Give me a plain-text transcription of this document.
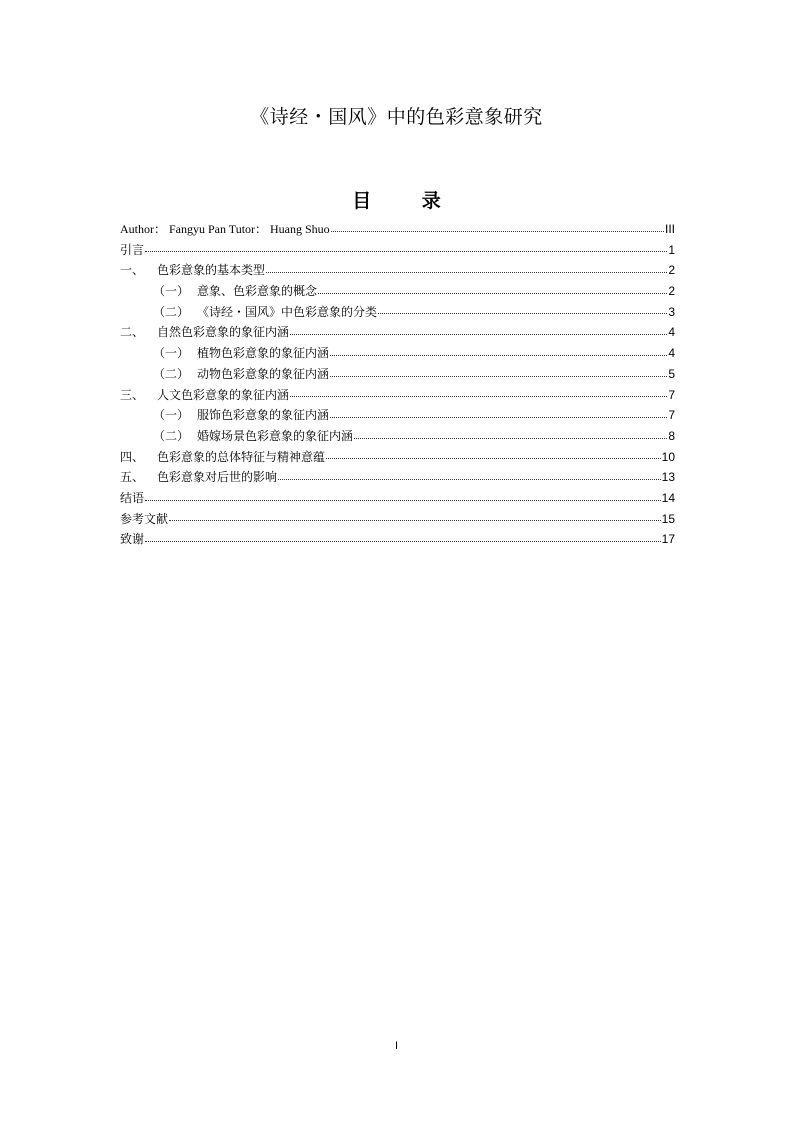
《诗经・国风》中的色彩意象研究
目 录
Author： Fangyu Pan Tutor： Huang Shuo	III
引言	1
一、	色彩意象的基本类型	2
（一） 意象、色彩意象的概念	2
（二） 《诗经・国风》中色彩意象的分类	3
二、	自然色彩意象的象征内涵	4
（一） 植物色彩意象的象征内涵	4
（二） 动物色彩意象的象征内涵	5
三、	人文色彩意象的象征内涵	7
（一） 服饰色彩意象的象征内涵	7
（二） 婚嫁场景色彩意象的象征内涵	8
四、	色彩意象的总体特征与精神意蕴	10
五、	色彩意象对后世的影响	13
结语	14
参考文献	15
致谢	17
I
